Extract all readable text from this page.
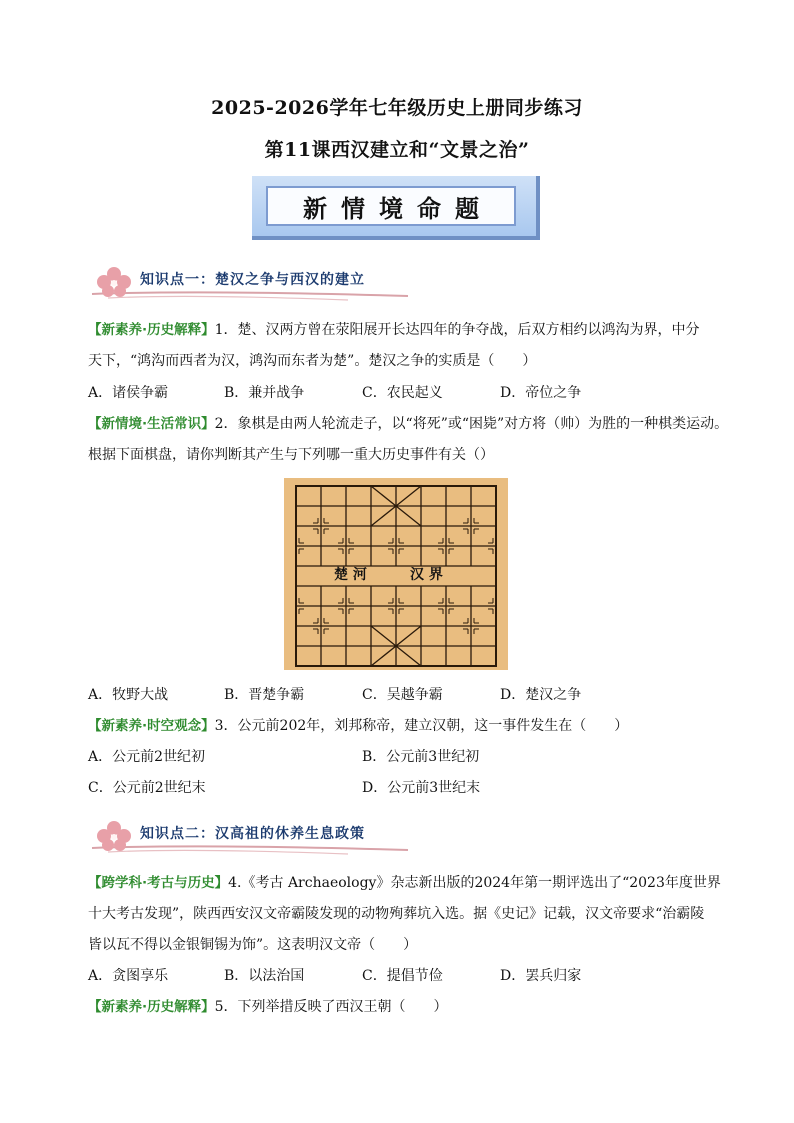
2025-2026学年七年级历史上册同步练习
第11课西汉建立和“文景之治”
新情境命题
知识点一：楚汉之争与西汉的建立
【新素养·历史解释】1．楚、汉两方曾在荥阳展开长达四年的争夺战，后双方相约以鸿沟为界，中分
天下，“鸿沟而西者为汉，鸿沟而东者为楚”。楚汉之争的实质是（　　）
A．诸侯争霸	B．兼并战争	C．农民起义	D．帝位之争
【新情境·生活常识】2．象棋是由两人轮流走子，以“将死”或“困毙”对方将（帅）为胜的一种棋类运动。
根据下面棋盘，请你判断其产生与下列哪一重大历史事件有关（）
楚 河	汉 界
A．牧野大战	B．晋楚争霸	C．吴越争霸	D．楚汉之争
【新素养·时空观念】3．公元前202年，刘邦称帝，建立汉朝，这一事件发生在（　　）
A．公元前2世纪初	B．公元前3世纪初
C．公元前2世纪末	D．公元前3世纪末
知识点二：汉高祖的休养生息政策
【跨学科·考古与历史】4.《考古 Archaeology》杂志新出版的2024年第一期评选出了“2023年度世界
十大考古发现”，陕西西安汉文帝霸陵发现的动物殉葬坑入选。据《史记》记载，汉文帝要求“治霸陵
皆以瓦不得以金银铜锡为饰”。这表明汉文帝（　　）
A．贪图享乐	B．以法治国	C．提倡节俭	D．罢兵归家
【新素养·历史解释】5．下列举措反映了西汉王朝（　　）
